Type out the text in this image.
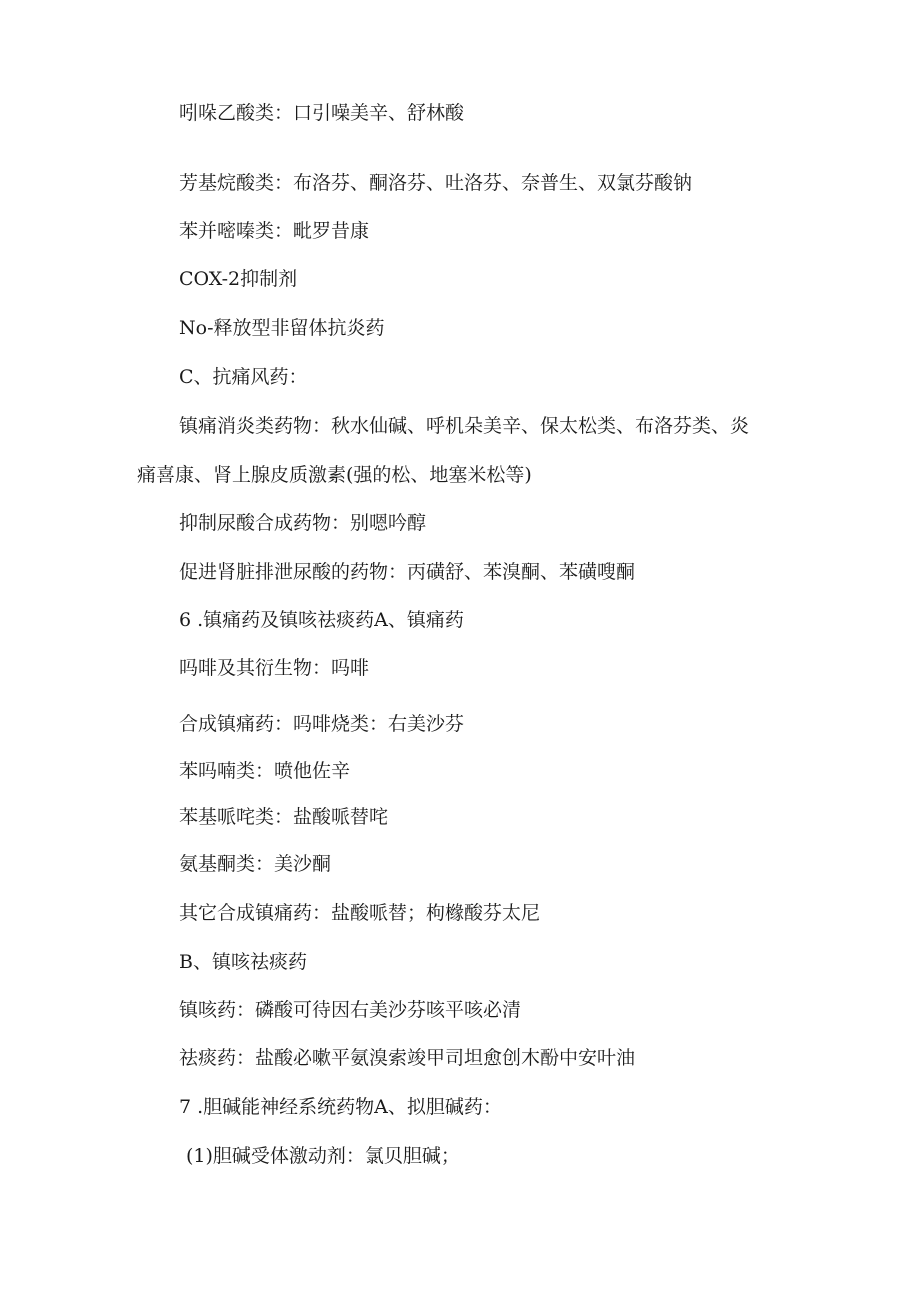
吲哚乙酸类：口引噪美辛、舒林酸
芳基烷酸类：布洛芬、酮洛芬、吐洛芬、奈普生、双氯芬酸钠
苯并嘧嗪类：毗罗昔康
COX-2抑制剂
No-释放型非留体抗炎药
C、抗痛风药：
镇痛消炎类药物：秋水仙碱、呼机朵美辛、保太松类、布洛芬类、炎
痛喜康、肾上腺皮质激素(强的松、地塞米松等)
抑制尿酸合成药物：别嗯吟醇
促进肾脏排泄尿酸的药物：丙磺舒、苯溴酮、苯磺嗖酮
6 .镇痛药及镇咳祛痰药A、镇痛药
吗啡及其衍生物：吗啡
合成镇痛药：吗啡烧类：右美沙芬
苯吗喃类：喷他佐辛
苯基哌咤类：盐酸哌替咤
氨基酮类：美沙酮
其它合成镇痛药：盐酸哌替；枸橼酸芬太尼
B、镇咳祛痰药
镇咳药：磷酸可待因右美沙芬咳平咳必清
祛痰药：盐酸必嗽平氨溴索竣甲司坦愈创木酚中安叶油
7 .胆碱能神经系统药物A、拟胆碱药：
(1)胆碱受体激动剂：氯贝胆碱；
